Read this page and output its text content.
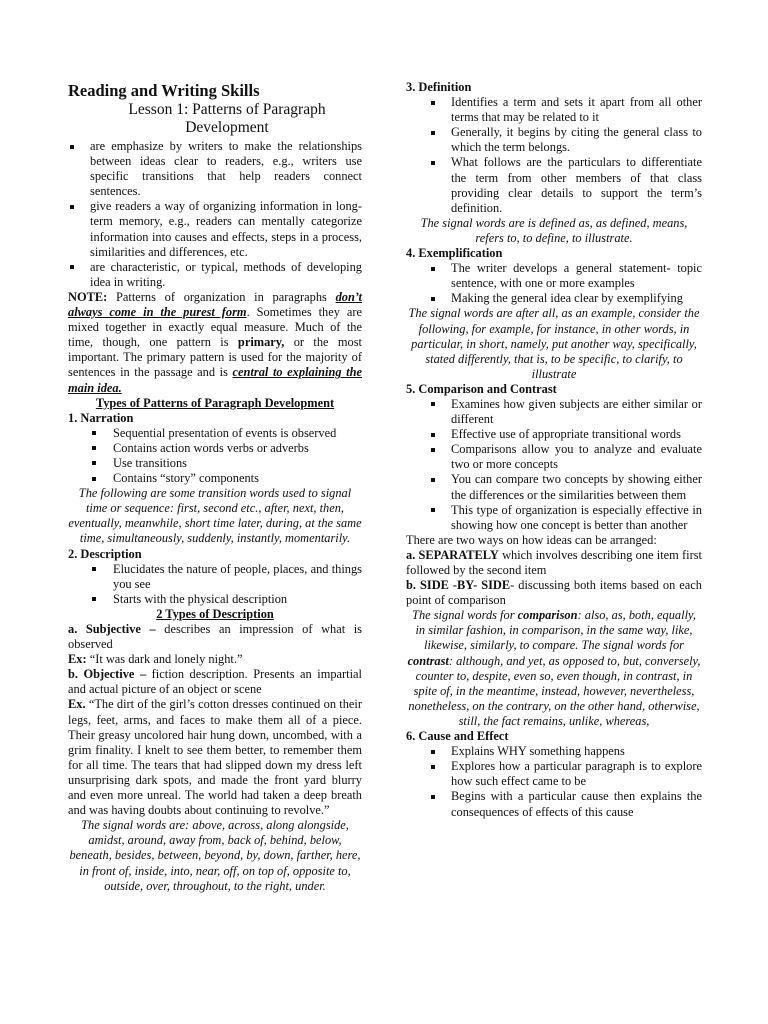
Reading and Writing Skills
Lesson 1: Patterns of Paragraph Development
are emphasize by writers to make the relationships between ideas clear to readers, e.g., writers use specific transitions that help readers connect sentences.
give readers a way of organizing information in long-term memory, e.g., readers can mentally categorize information into causes and effects, steps in a process, similarities and differences, etc.
are characteristic, or typical, methods of developing idea in writing.

NOTE: Patterns of organization in paragraphs don’t always come in the purest form. Sometimes they are mixed together in exactly equal measure. Much of the time, though, one pattern is primary, or the most important. The primary pattern is used for the majority of sentences in the passage and is central to explaining the main idea.

Types of Patterns of Paragraph Development
1. Narration
Sequential presentation of events is observed
Contains action words verbs or adverbs
Use transitions
Contains “story” components

The following are some transition words used to signal time or sequence: first, second etc., after, next, then, eventually, meanwhile, short time later, during, at the same time, simultaneously, suddenly, instantly, momentarily.

2. Description
Elucidates the nature of people, places, and things you see
Starts with the physical description
2 Types of Description

a. Subjective – describes an impression of what is observed

Ex: “It was dark and lonely night.”

b. Objective – fiction description. Presents an impartial and actual picture of an object or scene

Ex. “The dirt of the girl’s cotton dresses continued on their legs, feet, arms, and faces to make them all of a piece. Their greasy uncolored hair hung down, uncombed, with a grim finality. I knelt to see them better, to remember them for all time. The tears that had slipped down my dress left unsurprising dark spots, and made the front yard blurry and even more unreal. The world had taken a deep breath and was having doubts about continuing to revolve.”

The signal words are: above, across, along alongside, amidst, around, away from, back of, behind, below, beneath, besides, between, beyond, by, down, farther, here, in front of, inside, into, near, off, on top of, opposite to, outside, over, throughout, to the right, under.

3. Definition
Identifies a term and sets it apart from all other terms that may be related to it
Generally, it begins by citing the general class to which the term belongs.
What follows are the particulars to differentiate the term from other members of that class providing clear details to support the term’s definition.

The signal words are is defined as, as defined, means, refers to, to define, to illustrate.

4. Exemplification
The writer develops a general statement- topic sentence, with one or more examples
Making the general idea clear by exemplifying

The signal words are after all, as an example, consider the following, for example, for instance, in other words, in particular, in short, namely, put another way, specifically, stated differently, that is, to be specific, to clarify, to illustrate

5. Comparison and Contrast
Examines how given subjects are either similar or different
Effective use of appropriate transitional words
Comparisons allow you to analyze and evaluate two or more concepts
You can compare two concepts by showing either the differences or the similarities between them
This type of organization is especially effective in showing how one concept is better than another

There are two ways on how ideas can be arranged:

a. SEPARATELY which involves describing one item first followed by the second item

b. SIDE -BY- SIDE- discussing both items based on each point of comparison

The signal words for comparison: also, as, both, equally, in similar fashion, in comparison, in the same way, like, likewise, similarly, to compare. The signal words for contrast: although, and yet, as opposed to, but, conversely, counter to, despite, even so, even though, in contrast, in spite of, in the meantime, instead, however, nevertheless, nonetheless, on the contrary, on the other hand, otherwise, still, the fact remains, unlike, whereas,

6. Cause and Effect
Explains WHY something happens
Explores how a particular paragraph is to explore how such effect came to be
Begins with a particular cause then explains the consequences of effects of this cause
